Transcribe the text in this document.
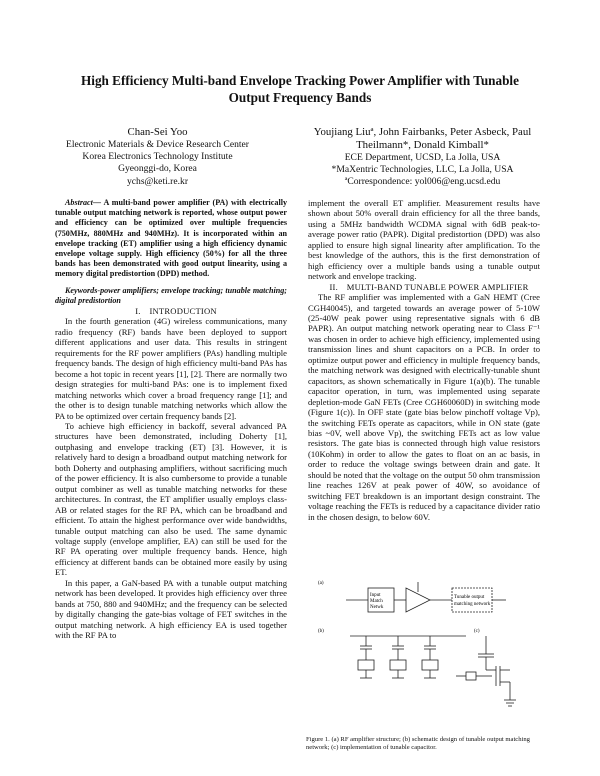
High Efficiency Multi-band Envelope Tracking Power Amplifier with Tunable Output Frequency Bands
Chan-Sei Yoo
Electronic Materials & Device Research Center
Korea Electronics Technology Institute
Gyeonggi-do, Korea
ychs@keti.re.kr
Youjiang Liuª, John Fairbanks, Peter Asbeck, Paul
Theilmann*, Donald Kimball*
ECE Department, UCSD, La Jolla, USA
*MaXentric Technologies, LLC, La Jolla, USA
ªCorrespondence: yol006@eng.ucsd.edu

Abstract— A multi-band power amplifier (PA) with electrically tunable output matching network is reported, whose output power and efficiency can be optimized over multiple frequencies (750MHz, 880MHz and 940MHz). It is incorporated within an envelope tracking (ET) amplifier using a high efficiency dynamic envelope voltage supply. High efficiency (50%) for all the three bands has been demonstrated with good output linearity, using a memory digital predistortion (DPD) method.

Keywords-power amplifiers; envelope tracking; tunable matching; digital predistortion

I. INTRODUCTION

In the fourth generation (4G) wireless communications, many radio frequency (RF) bands have been deployed to support different applications and user data. This results in stringent requirements for the RF power amplifiers (PAs) handling multiple frequency bands. The design of high efficiency multi-band PAs has become a hot topic in recent years [1], [2]. There are normally two design strategies for multi-band PAs: one is to implement fixed matching networks which cover a broad frequency range [1]; and the other is to design tunable matching networks which allow the PA to be optimized over certain frequency bands [2].

To achieve high efficiency in backoff, several advanced PA structures have been demonstrated, including Doherty [1], outphasing and envelope tracking (ET) [3]. However, it is relatively hard to design a broadband output matching network for both Doherty and outphasing amplifiers, without sacrificing much of the power efficiency. It is also cumbersome to provide a tunable output combiner as well as tunable matching networks for these architectures. In contrast, the ET amplifier usually employs class-AB or related stages for the RF PA, which can be broadband and efficient. To attain the highest performance over wide bandwidths, tunable output matching can also be used. The same dynamic voltage supply (envelope amplifier, EA) can still be used for the RF PA operating over multiple frequency bands. Hence, high efficiency at different bands can be obtained more easily by using ET.

In this paper, a GaN-based PA with a tunable output matching network has been developed. It provides high efficiency over three bands at 750, 880 and 940MHz; and the frequency can be selected by digitally changing the gate-bias voltage of FET switches in the output matching network. A high efficiency EA is used together with the RF PA to

implement the overall ET amplifier. Measurement results have shown about 50% overall drain efficiency for all the three bands, using a 5MHz bandwidth WCDMA signal with 6dB peak-to-average power ratio (PAPR). Digital predistortion (DPD) was also applied to ensure high signal linearity after amplification. To the best knowledge of the authors, this is the first demonstration of high efficiency over a multiple bands using a tunable output network and envelope tracking.

II. MULTI-BAND TUNABLE POWER AMPLIFIER

The RF amplifier was implemented with a GaN HEMT (Cree CGH40045), and targeted towards an average power of 5-10W (25-40W peak power using representative signals with 6 dB PAPR). An output matching network operating near to Class F⁻¹ was chosen in order to achieve high efficiency, implemented using transmission lines and shunt capacitors on a PCB. In order to optimize output power and efficiency in multiple frequency bands, the matching network was designed with electrically-tunable shunt capacitors, as shown schematically in Figure 1(a)(b). The tunable capacitor operation, in turn, was implemented using separate depletion-mode GaN FETs (Cree CGH60060D) in switching mode (Figure 1(c)). In OFF state (gate bias below pinchoff voltage Vp), the switching FETs operate as capacitors, while in ON state (gate bias ~0V, well above Vp), the switching FETs act as low value resistors. The gate bias is connected through high value resistors (10Kohm) in order to allow the gates to float on an ac basis, in order to reduce the voltage swings between drain and gate. It should be noted that the voltage on the output 50 ohm transmission line reaches 126V at peak power of 40W, so avoidance of switching FET breakdown is an important design constraint. The voltage reaching the FETs is reduced by a capacitance divider ratio in the chosen design, to below 60V.

(a)
(b)	(c)
Input
Match
Netwk
Tunable output
matching network
Figure 1. (a) RF amplifier structure; (b) schematic design of tunable output matching network; (c) implementation of tunable capacitor.
